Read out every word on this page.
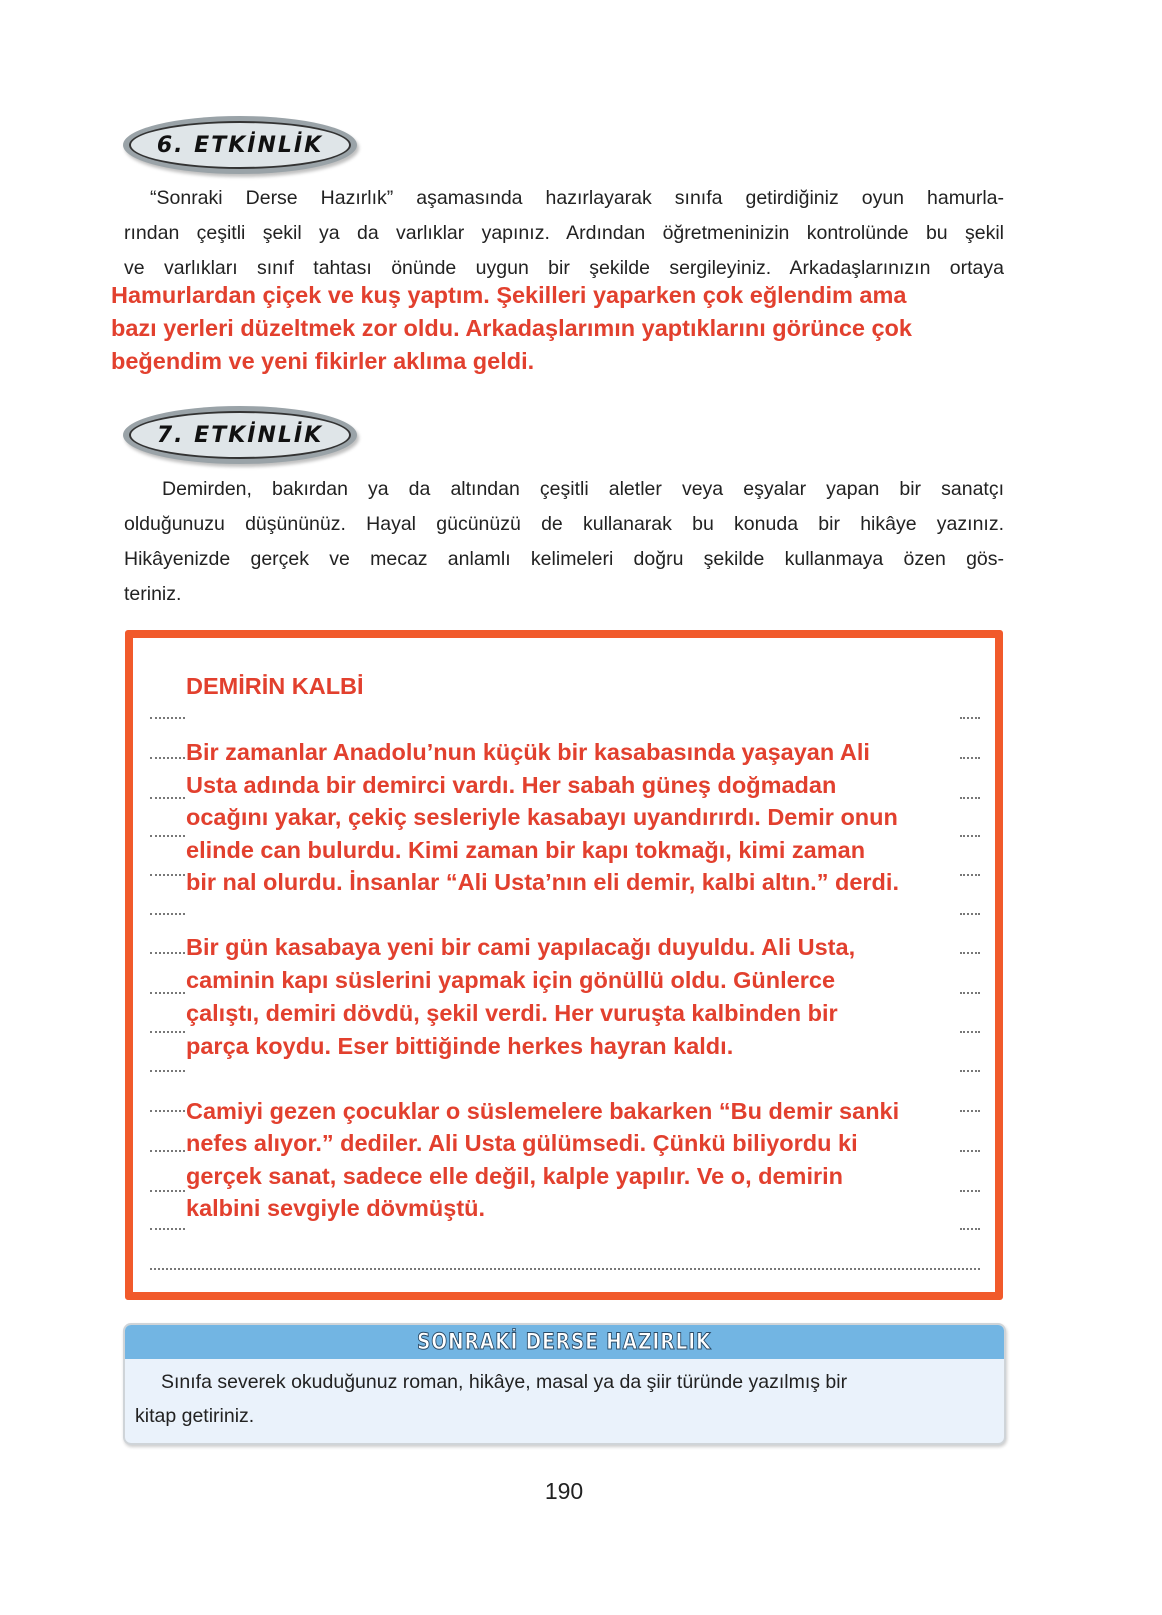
6. ETKİNLİK
“Sonraki Derse Hazırlık” aşamasında hazırlayarak sınıfa getirdiğiniz oyun hamurla-
rından çeşitli şekil ya da varlıklar yapınız. Ardından öğretmeninizin kontrolünde bu şekil
ve varlıkları sınıf tahtası önünde uygun bir şekilde sergileyiniz. Arkadaşlarınızın ortaya
Hamurlardan çiçek ve kuş yaptım. Şekilleri yaparken çok eğlendim ama
bazı yerleri düzeltmek zor oldu. Arkadaşlarımın yaptıklarını görünce çok
beğendim ve yeni fikirler aklıma geldi.
7. ETKİNLİK
Demirden, bakırdan ya da altından çeşitli aletler veya eşyalar yapan bir sanatçı
olduğunuzu düşününüz. Hayal gücünüzü de kullanarak bu konuda bir hikâye yazınız.
Hikâyenizde gerçek ve mecaz anlamlı kelimeleri doğru şekilde kullanmaya özen gös-
teriniz.
DEMİRİN KALBİ
Bir zamanlar Anadolu’nun küçük bir kasabasında yaşayan Ali
Usta adında bir demirci vardı. Her sabah güneş doğmadan
ocağını yakar, çekiç sesleriyle kasabayı uyandırırdı. Demir onun
elinde can bulurdu. Kimi zaman bir kapı tokmağı, kimi zaman
bir nal olurdu. İnsanlar “Ali Usta’nın eli demir, kalbi altın.” derdi.
Bir gün kasabaya yeni bir cami yapılacağı duyuldu. Ali Usta,
caminin kapı süslerini yapmak için gönüllü oldu. Günlerce
çalıştı, demiri dövdü, şekil verdi. Her vuruşta kalbinden bir
parça koydu. Eser bittiğinde herkes hayran kaldı.
Camiyi gezen çocuklar o süslemelere bakarken “Bu demir sanki
nefes alıyor.” dediler. Ali Usta gülümsedi. Çünkü biliyordu ki
gerçek sanat, sadece elle değil, kalple yapılır. Ve o, demirin
kalbini sevgiyle dövmüştü.
SONRAKİ DERSE HAZIRLIK
Sınıfa severek okuduğunuz roman, hikâye, masal ya da şiir türünde yazılmış bir
kitap getiriniz.
190
